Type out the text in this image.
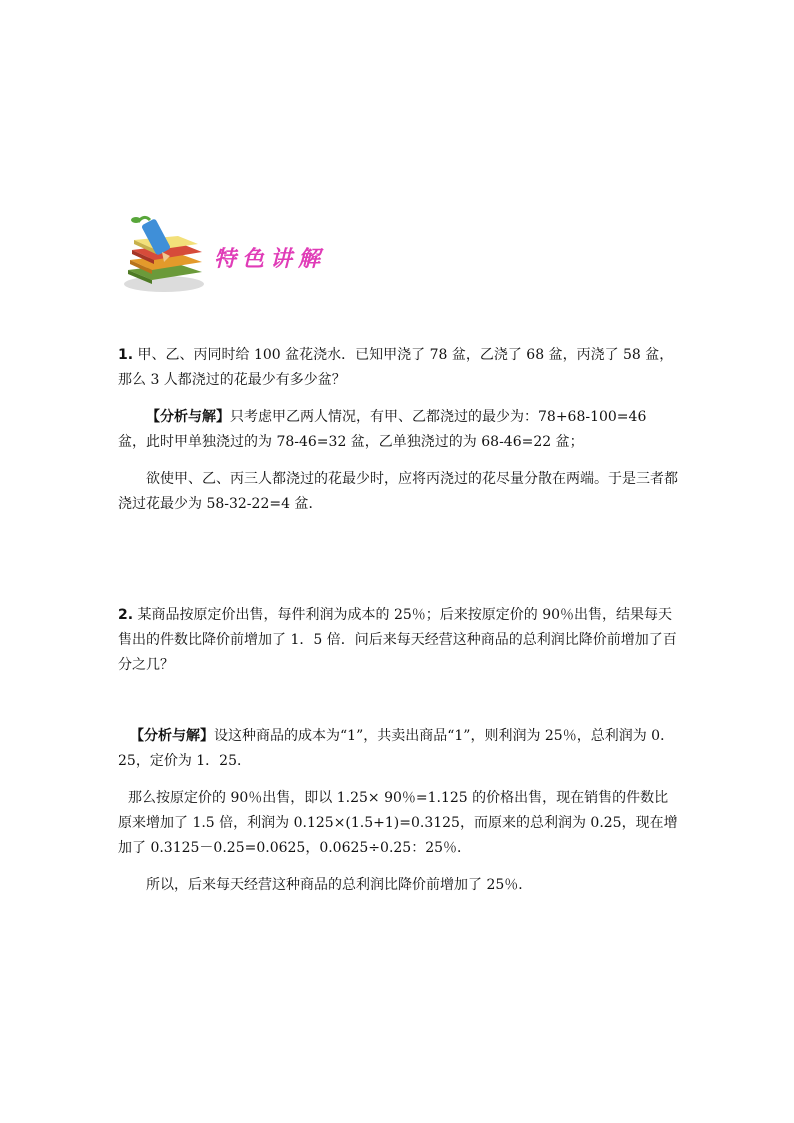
特色讲解

1. 甲、乙、丙同时给 100 盆花浇水．已知甲浇了 78 盆，乙浇了 68 盆，丙浇了 58 盆，那么 3 人都浇过的花最少有多少盆？

【分析与解】只考虑甲乙两人情况，有甲、乙都浇过的最少为：78+68-100=46 盆，此时甲单独浇过的为 78-46=32 盆，乙单独浇过的为 68-46=22 盆；

欲使甲、乙、丙三人都浇过的花最少时，应将丙浇过的花尽量分散在两端。于是三者都浇过花最少为 58-32-22=4 盆．

2. 某商品按原定价出售，每件利润为成本的 25％；后来按原定价的 90％出售，结果每天售出的件数比降价前增加了 1．5 倍．问后来每天经营这种商品的总利润比降价前增加了百分之几？

【分析与解】设这种商品的成本为“1”，共卖出商品“1”，则利润为 25％，总利润为 0．25，定价为 1．25．

那么按原定价的 90％出售，即以 1.25× 90％=1.125 的价格出售，现在销售的件数比原来增加了 1.5 倍，利润为 0.125×(1.5+1)=0.3125，而原来的总利润为 0.25，现在增加了 0.3125－0.25=0.0625，0.0625÷0.25：25％．

所以，后来每天经营这种商品的总利润比降价前增加了 25％．
